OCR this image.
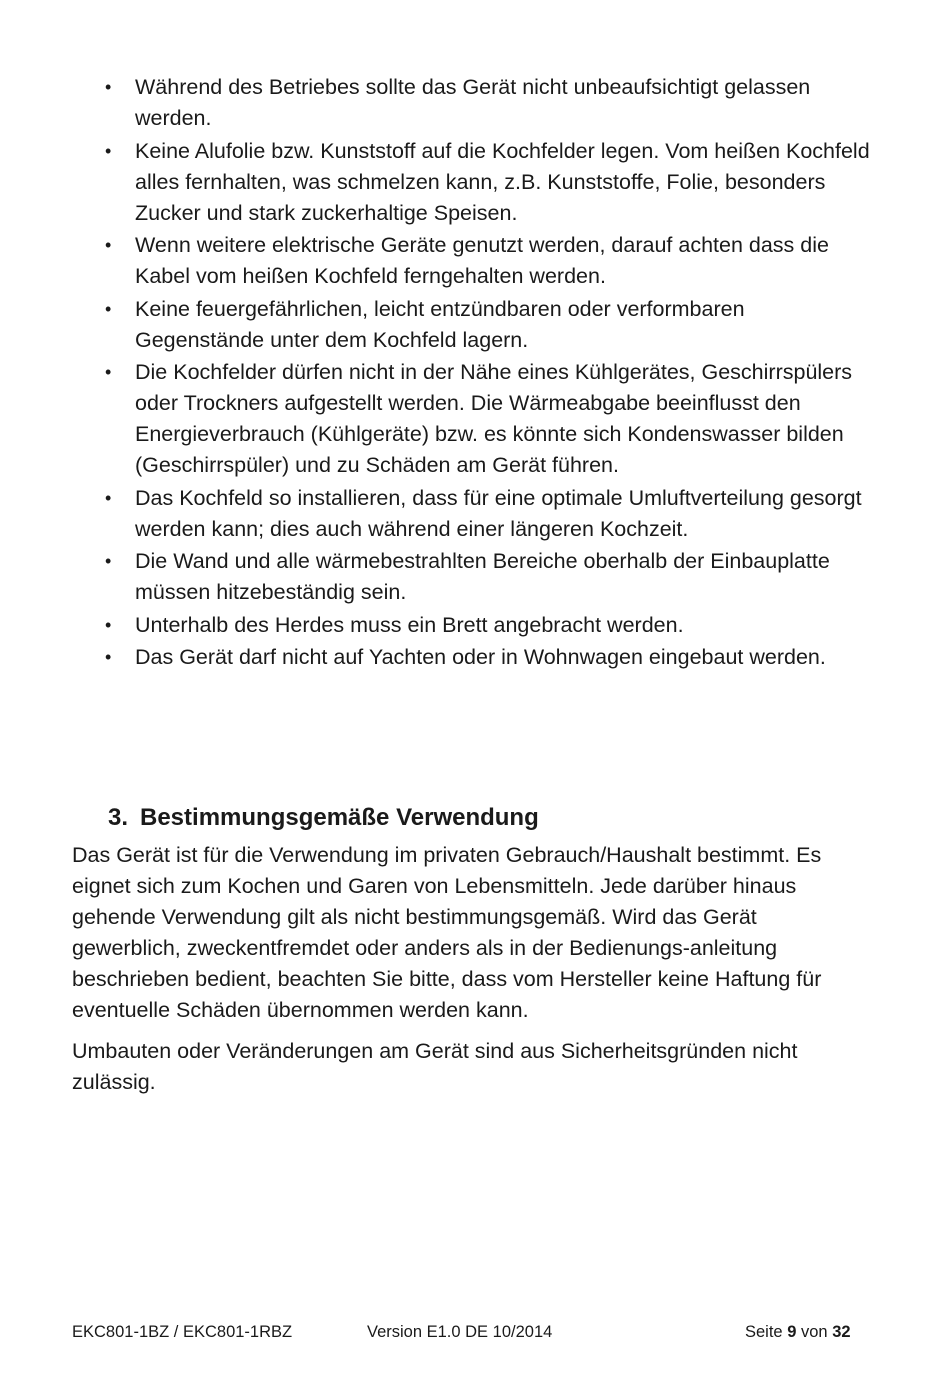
• Während des Betriebes sollte das Gerät nicht unbeaufsichtigt gelassen werden.
• Keine Alufolie bzw. Kunststoff auf die Kochfelder legen. Vom heißen Kochfeld alles fernhalten, was schmelzen kann, z.B. Kunststoffe, Folie, besonders Zucker und stark zuckerhaltige Speisen.
• Wenn weitere elektrische Geräte genutzt werden, darauf achten dass die Kabel vom heißen Kochfeld ferngehalten werden.
• Keine feuergefährlichen, leicht entzündbaren oder verformbaren Gegenstände unter dem Kochfeld lagern.
• Die Kochfelder dürfen nicht in der Nähe eines Kühlgerätes, Geschirrspülers oder Trockners aufgestellt werden. Die Wärmeabgabe beeinflusst den Energieverbrauch (Kühlgeräte) bzw. es könnte sich Kondenswasser bilden (Geschirrspüler) und zu Schäden am Gerät führen.
• Das Kochfeld so installieren, dass für eine optimale Umluftverteilung gesorgt werden kann; dies auch während einer längeren Kochzeit.
• Die Wand und alle wärmebestrahlten Bereiche oberhalb der Einbauplatte müssen hitzebeständig sein.
• Unterhalb des Herdes muss ein Brett angebracht werden.
• Das Gerät darf nicht auf Yachten oder in Wohnwagen eingebaut werden.
3. Bestimmungsgemäße Verwendung

Das Gerät ist für die Verwendung im privaten Gebrauch/Haushalt bestimmt. Es eignet sich zum Kochen und Garen von Lebensmitteln. Jede darüber hinaus gehende Verwendung gilt als nicht bestimmungsgemäß. Wird das Gerät gewerblich, zweckentfremdet oder anders als in der Bedienungs-anleitung beschrieben bedient, beachten Sie bitte, dass vom Hersteller keine Haftung für eventuelle Schäden übernommen werden kann.

Umbauten oder Veränderungen am Gerät sind aus Sicherheitsgründen nicht zulässig.

EKC801-1BZ / EKC801-1RBZ	Version E1.0 DE 10/2014	Seite 9 von 32
